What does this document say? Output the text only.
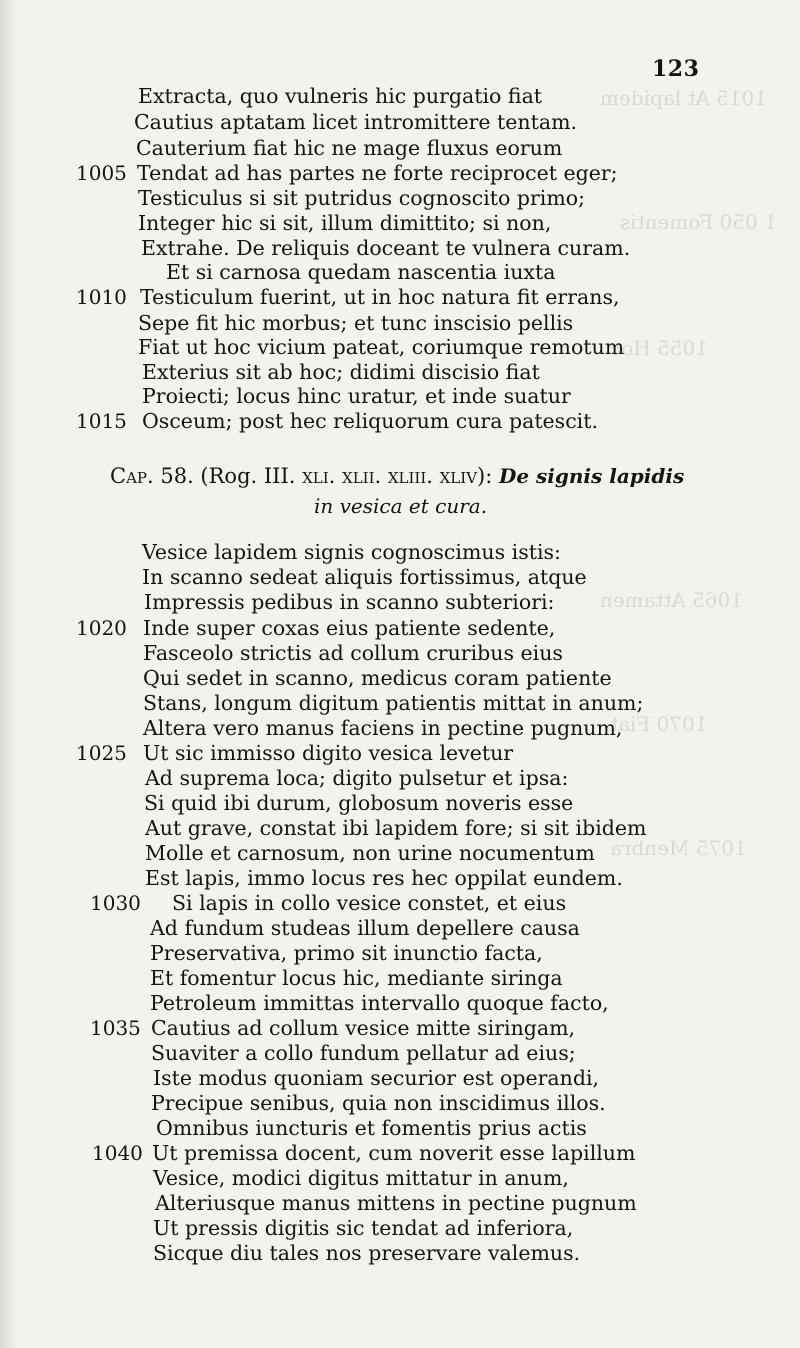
1015 At lapidem
1 050 Fomentis
1055 Hoc
1065 Attamen
1070 Fiat
1075 Menbra
123
Extracta, quo vulneris hic purgatio fiat
Cautius aptatam licet intromittere tentam.
Cauterium fiat hic ne mage fluxus eorum
1005 Tendat ad has partes ne forte reciprocet eger;
Testiculus si sit putridus cognoscito primo;
Integer hic si sit, illum dimittito; si non,
Extrahe. De reliquis doceant te vulnera curam.
Et si carnosa quedam nascentia iuxta
1010 Testiculum fuerint, ut in hoc natura fit errans,
Sepe fit hic morbus; et tunc inscisio pellis
Fiat ut hoc vicium pateat, coriumque remotum
Exterius sit ab hoc; didimi discisio fiat
Proiecti; locus hinc uratur, et inde suatur
1015 Osceum; post hec reliquorum cura patescit.
Cap. 58. (Rog. III. xli. xlii. xliii. xliv): De signis lapidis
in vesica et cura.
Vesice lapidem signis cognoscimus istis:
In scanno sedeat aliquis fortissimus, atque
Impressis pedibus in scanno subteriori:
1020 Inde super coxas eius patiente sedente,
Fasceolo strictis ad collum cruribus eius
Qui sedet in scanno, medicus coram patiente
Stans, longum digitum patientis mittat in anum;
Altera vero manus faciens in pectine pugnum,
1025 Ut sic immisso digito vesica levetur
Ad suprema loca; digito pulsetur et ipsa:
Si quid ibi durum, globosum noveris esse
Aut grave, constat ibi lapidem fore; si sit ibidem
Molle et carnosum, non urine nocumentum
Est lapis, immo locus res hec oppilat eundem.
1030 Si lapis in collo vesice constet, et eius
Ad fundum studeas illum depellere causa
Preservativa, primo sit inunctio facta,
Et fomentur locus hic, mediante siringa
Petroleum immittas intervallo quoque facto,
1035 Cautius ad collum vesice mitte siringam,
Suaviter a collo fundum pellatur ad eius;
Iste modus quoniam securior est operandi,
Precipue senibus, quia non inscidimus illos.
Omnibus iuncturis et fomentis prius actis
1040 Ut premissa docent, cum noverit esse lapillum
Vesice, modici digitus mittatur in anum,
Alteriusque manus mittens in pectine pugnum
Ut pressis digitis sic tendat ad inferiora,
Sicque diu tales nos preservare valemus.
